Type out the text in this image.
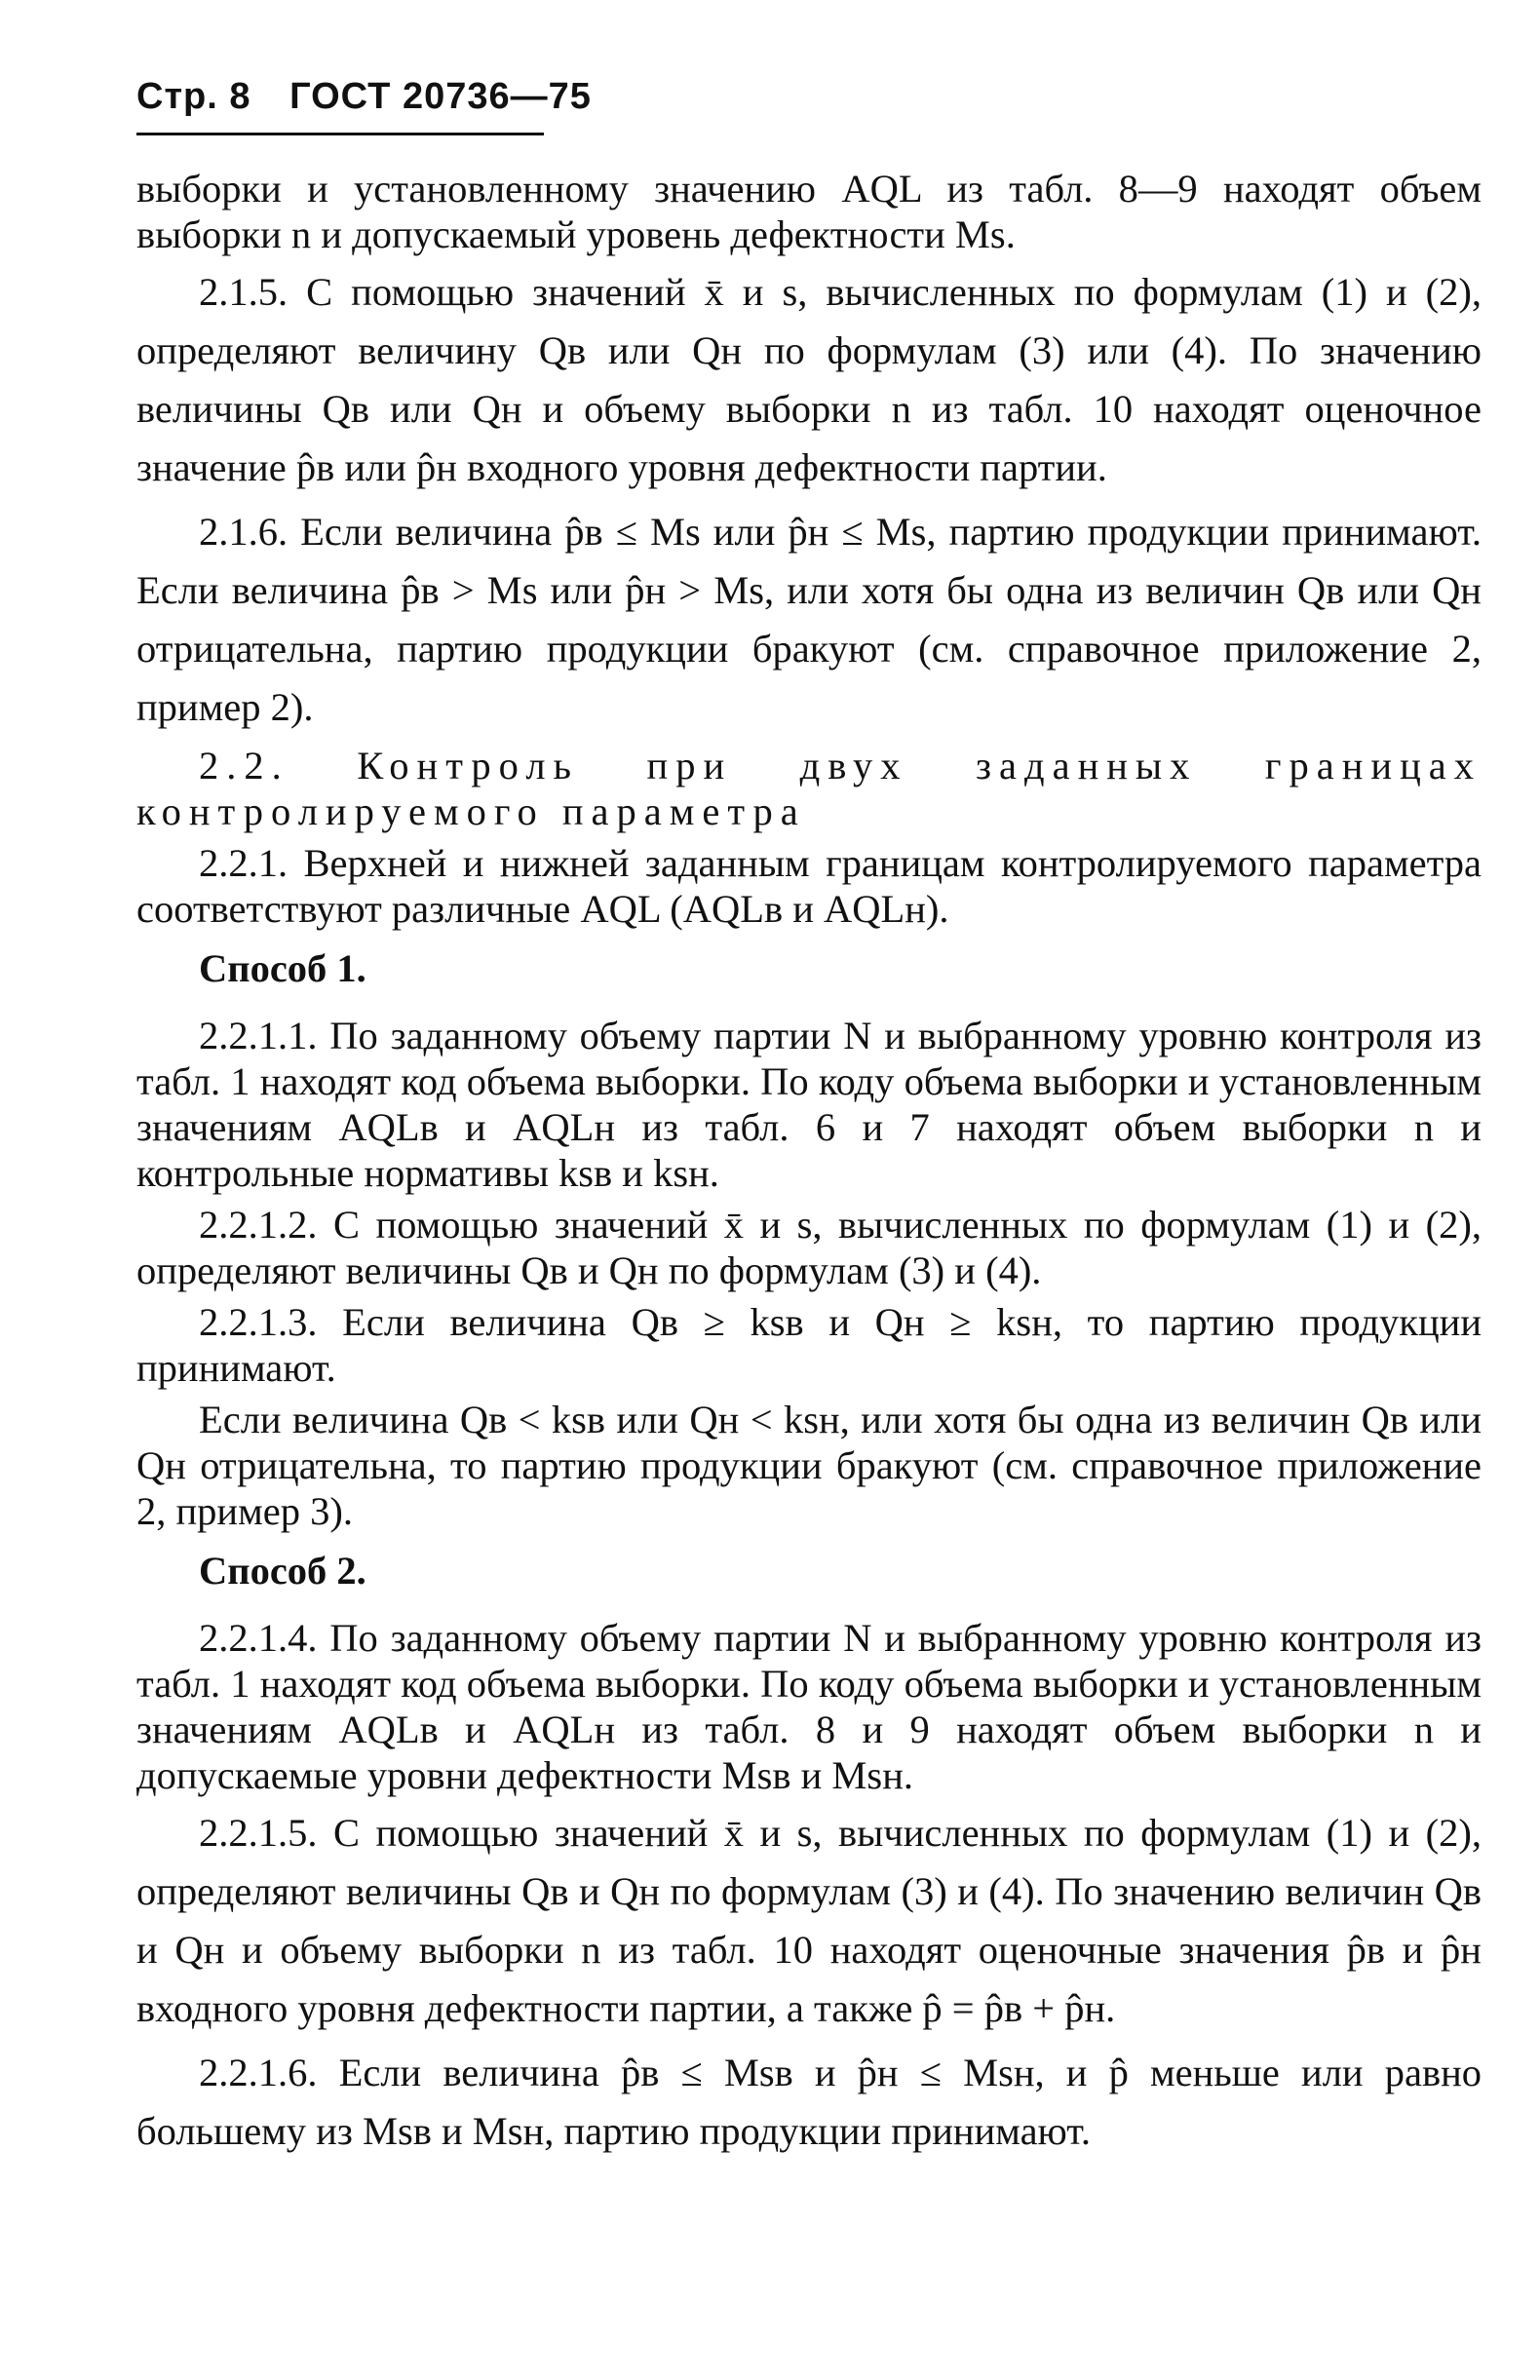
Стр. 8 ГОСТ 20736—75

выборки и установленному значению AQL из табл. 8—9 находят объем выборки n и допускаемый уровень дефектности Ms.

2.1.5. С помощью значений x̄ и s, вычисленных по формулам (1) и (2), определяют величину Qв или Qн по формулам (3) или (4). По значению величины Qв или Qн и объему выборки n из табл. 10 находят оценочное значение p̂в или p̂н входного уровня дефектности партии.

2.1.6. Если величина p̂в ≤ Ms или p̂н ≤ Ms, партию продукции принимают. Если величина p̂в > Ms или p̂н > Ms, или хотя бы одна из величин Qв или Qн отрицательна, партию продукции бракуют (см. справочное приложение 2, пример 2).

2.2. Контроль при двух заданных границах контролируемого параметра

2.2.1. Верхней и нижней заданным границам контролируемого параметра соответствуют различные AQL (AQLв и AQLн).

Способ 1.

2.2.1.1. По заданному объему партии N и выбранному уровню контроля из табл. 1 находят код объема выборки. По коду объема выборки и установленным значениям AQLв и AQLн из табл. 6 и 7 находят объем выборки n и контрольные нормативы ksв и ksн.

2.2.1.2. С помощью значений x̄ и s, вычисленных по формулам (1) и (2), определяют величины Qв и Qн по формулам (3) и (4).

2.2.1.3. Если величина Qв ≥ ksв и Qн ≥ ksн, то партию продукции принимают.

Если величина Qв < ksв или Qн < ksн, или хотя бы одна из величин Qв или Qн отрицательна, то партию продукции бракуют (см. справочное приложение 2, пример 3).

Способ 2.

2.2.1.4. По заданному объему партии N и выбранному уровню контроля из табл. 1 находят код объема выборки. По коду объема выборки и установленным значениям AQLв и AQLн из табл. 8 и 9 находят объем выборки n и допускаемые уровни дефектности Msв и Msн.

2.2.1.5. С помощью значений x̄ и s, вычисленных по формулам (1) и (2), определяют величины Qв и Qн по формулам (3) и (4). По значению величин Qв и Qн и объему выборки n из табл. 10 находят оценочные значения p̂в и p̂н входного уровня дефектности партии, а также p̂ = p̂в + p̂н.

2.2.1.6. Если величина p̂в ≤ Msв и p̂н ≤ Msн, и p̂ меньше или равно большему из Msв и Msн, партию продукции принимают.
